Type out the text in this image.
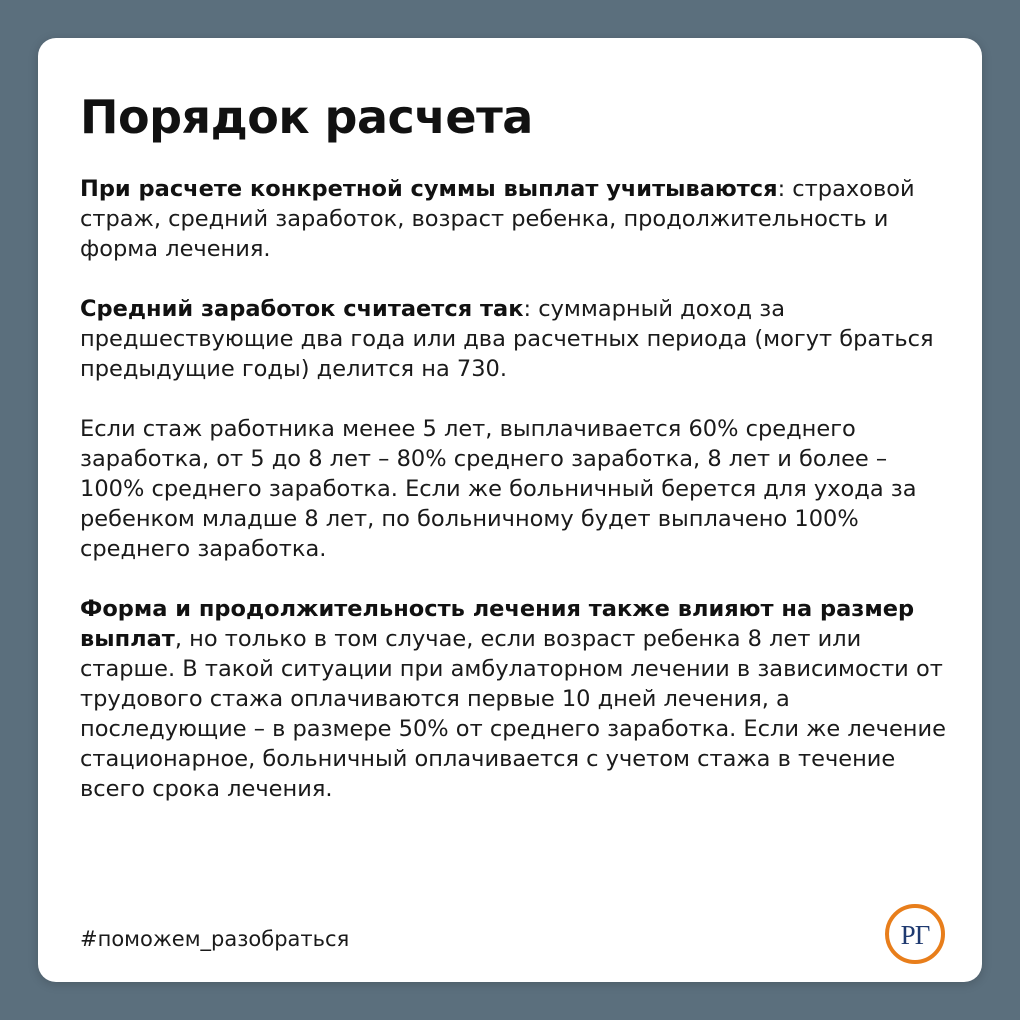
Порядок расчета

При расчете конкретной суммы выплат учитываются: страховой страж, средний заработок, возраст ребенка, продолжительность и форма лечения.

Средний заработок считается так: суммарный доход за предшествующие два года или два расчетных периода (могут браться предыдущие годы) делится на 730.

Если стаж работника менее 5 лет, выплачивается 60% среднего заработка, от 5 до 8 лет – 80% среднего заработка, 8 лет и более – 100% среднего заработка. Если же больничный берется для ухода за ребенком младше 8 лет, по больничному будет выплачено 100% среднего заработка.

Форма и продолжительность лечения также влияют на размер выплат, но только в том случае, если возраст ребенка 8 лет или старше. В такой ситуации при амбулаторном лечении в зависимости от трудового стажа оплачиваются первые 10 дней лечения, а последующие – в размере 50% от среднего заработка. Если же лечение стационарное, больничный оплачивается с учетом стажа в течение всего срока лечения.

#поможем_разобраться	РГ
